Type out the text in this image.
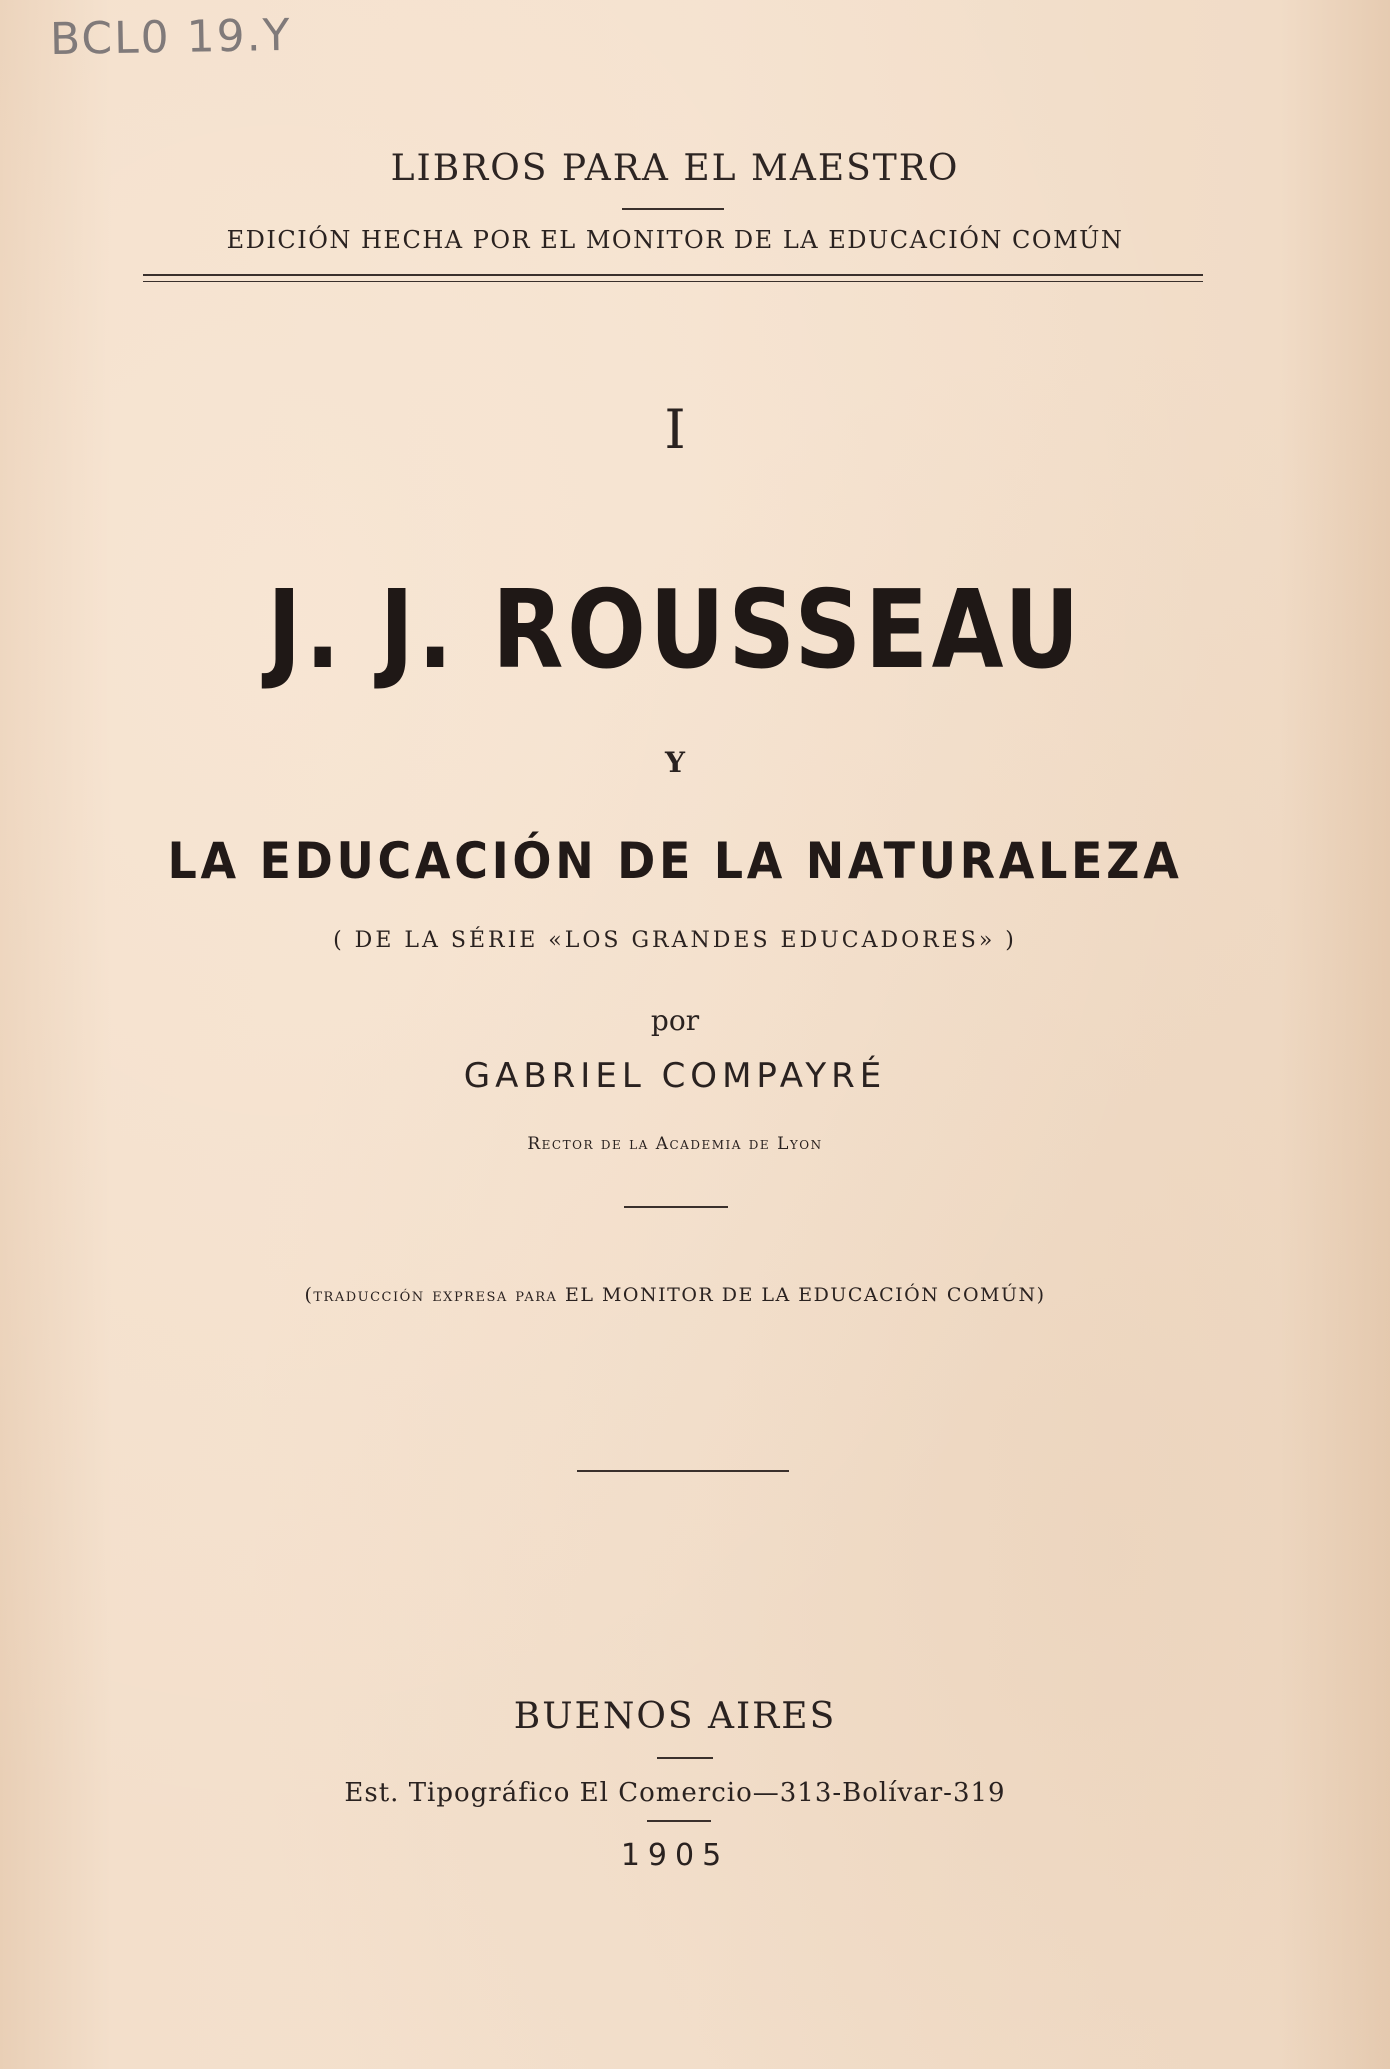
BCL0 19.Y
LIBROS PARA EL MAESTRO
EDICIÓN HECHA POR EL MONITOR DE LA EDUCACIÓN COMÚN
I
J. J. ROUSSEAU
Y
LA EDUCACIÓN DE LA NATURALEZA
( DE LA SÉRIE «LOS GRANDES EDUCADORES» )
por
GABRIEL COMPAYRÉ
Rector de la Academia de Lyon
(traducción expresa para EL MONITOR DE LA EDUCACIÓN COMÚN)
BUENOS AIRES
Est. Tipográfico El Comercio—313-Bolívar-319
1905
